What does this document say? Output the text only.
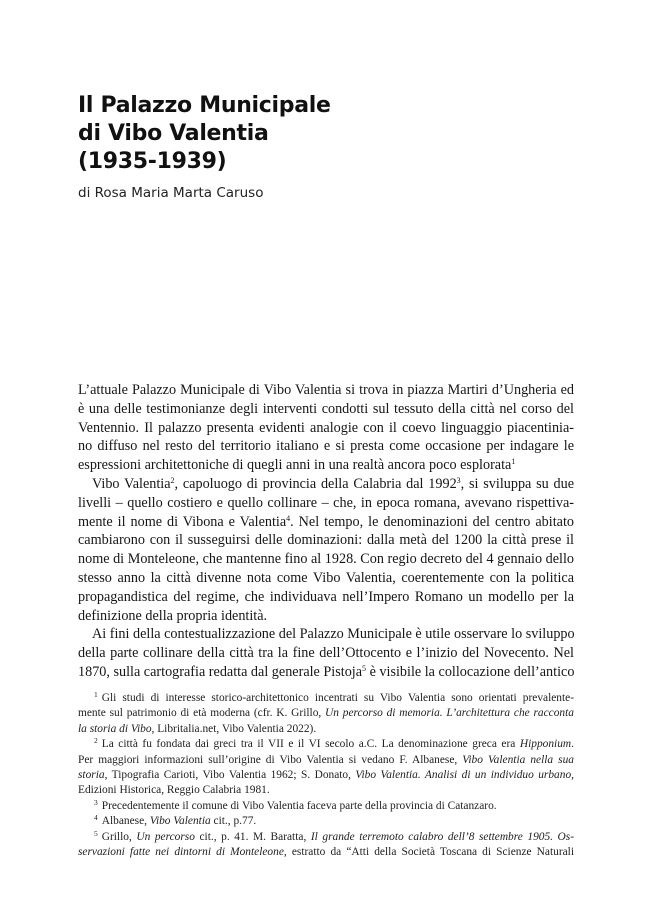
Il Palazzo Municipale
di Vibo Valentia
(1935-1939)
di Rosa Maria Marta Caruso
L’attuale Palazzo Municipale di Vibo Valentia si trova in piazza Martiri d’Ungheria ed
è una delle testimonianze degli interventi condotti sul tessuto della città nel corso del
Ventennio. Il palazzo presenta evidenti analogie con il coevo linguaggio piacentinia-
no diffuso nel resto del territorio italiano e si presta come occasione per indagare le
espressioni architettoniche di quegli anni in una realtà ancora poco esplorata$^1$
Vibo Valentia$^2$, capoluogo di provincia della Calabria dal 1992$^3$, si sviluppa su due
livelli – quello costiero e quello collinare – che, in epoca romana, avevano rispettiva-
mente il nome di Vibona e Valentia$^4$. Nel tempo, le denominazioni del centro abitato
cambiarono con il susseguirsi delle dominazioni: dalla metà del 1200 la città prese il
nome di Monteleone, che mantenne fino al 1928. Con regio decreto del 4 gennaio dello
stesso anno la città divenne nota come Vibo Valentia, coerentemente con la politica
propagandistica del regime, che individuava nell’Impero Romano un modello per la
definizione della propria identità.
Ai fini della contestualizzazione del Palazzo Municipale è utile osservare lo sviluppo
della parte collinare della città tra la fine dell’Ottocento e l’inizio del Novecento. Nel
1870, sulla cartografia redatta dal generale Pistoja$^5$ è visibile la collocazione dell’antico
$^1$ Gli studi di interesse storico-architettonico incentrati su Vibo Valentia sono orientati prevalente-
mente sul patrimonio di età moderna (cfr. K. Grillo, Un percorso di memoria. L’architettura che racconta
la storia di Vibo, Libritalia.net, Vibo Valentia 2022).
$^2$ La città fu fondata dai greci tra il VII e il VI secolo a.C. La denominazione greca era Hipponium.
Per maggiori informazioni sull’origine di Vibo Valentia si vedano F. Albanese, Vibo Valentia nella sua
storia, Tipografia Carioti, Vibo Valentia 1962; S. Donato, Vibo Valentia. Analisi di un individuo urbano,
Edizioni Historica, Reggio Calabria 1981.
$^3$ Precedentemente il comune di Vibo Valentia faceva parte della provincia di Catanzaro.
$^4$ Albanese, Vibo Valentia cit., p.77.
$^5$ Grillo, Un percorso cit., p. 41. M. Baratta, Il grande terremoto calabro dell’8 settembre 1905. Os-
servazioni fatte nei dintorni di Monteleone, estratto da “Atti della Società Toscana di Scienze Naturali
